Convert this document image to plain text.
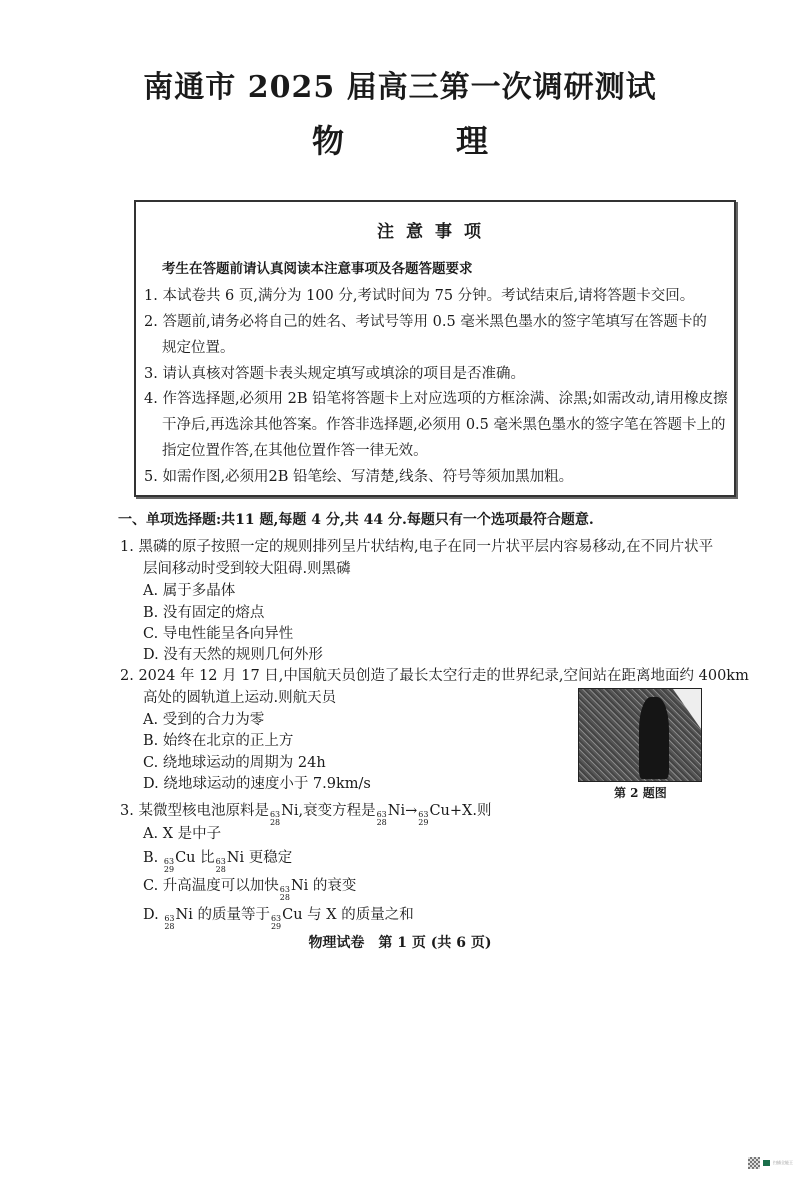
南通市 2025 届高三第一次调研测试
物　理
注意事项
考生在答题前请认真阅读本注意事项及各题答题要求
1. 本试卷共 6 页,满分为 100 分,考试时间为 75 分钟。考试结束后,请将答题卡交回。
2. 答题前,请务必将自己的姓名、考试号等用 0.5 毫米黑色墨水的签字笔填写在答题卡的
规定位置。
3. 请认真核对答题卡表头规定填写或填涂的项目是否准确。
4. 作答选择题,必须用 2B 铅笔将答题卡上对应选项的方框涂满、涂黑;如需改动,请用橡皮擦
干净后,再选涂其他答案。作答非选择题,必须用 0.5 毫米黑色墨水的签字笔在答题卡上的
指定位置作答,在其他位置作答一律无效。
5. 如需作图,必须用2B 铅笔绘、写清楚,线条、符号等须加黑加粗。
一、单项选择题:共11 题,每题 4 分,共 44 分.每题只有一个选项最符合题意.
1. 黑磷的原子按照一定的规则排列呈片状结构,电子在同一片状平层内容易移动,在不同片状平
层间移动时受到较大阻碍.则黑磷
A. 属于多晶体
B. 没有固定的熔点
C. 导电性能呈各向异性
D. 没有天然的规则几何外形
2. 2024 年 12 月 17 日,中国航天员创造了最长太空行走的世界纪录,空间站在距离地面约 400km
高处的圆轨道上运动.则航天员
A. 受到的合力为零
B. 始终在北京的正上方
C. 绕地球运动的周期为 24h
D. 绕地球运动的速度小于 7.9km/s
第 2 题图
3. 某微型核电池原料是 63
28
Ni,衰变方程是 63
28
Ni→ 63
29
Cu+X.则
A. X 是中子
B. 63
29
Cu 比 63
28
Ni 更稳定
C. 升高温度可以加快 63
28
Ni 的衰变
D. 63
28
Ni 的质量等于 63
29
Cu 与 X 的质量之和
物理试卷　第 1 页 (共 6 页)
扫描全能王
